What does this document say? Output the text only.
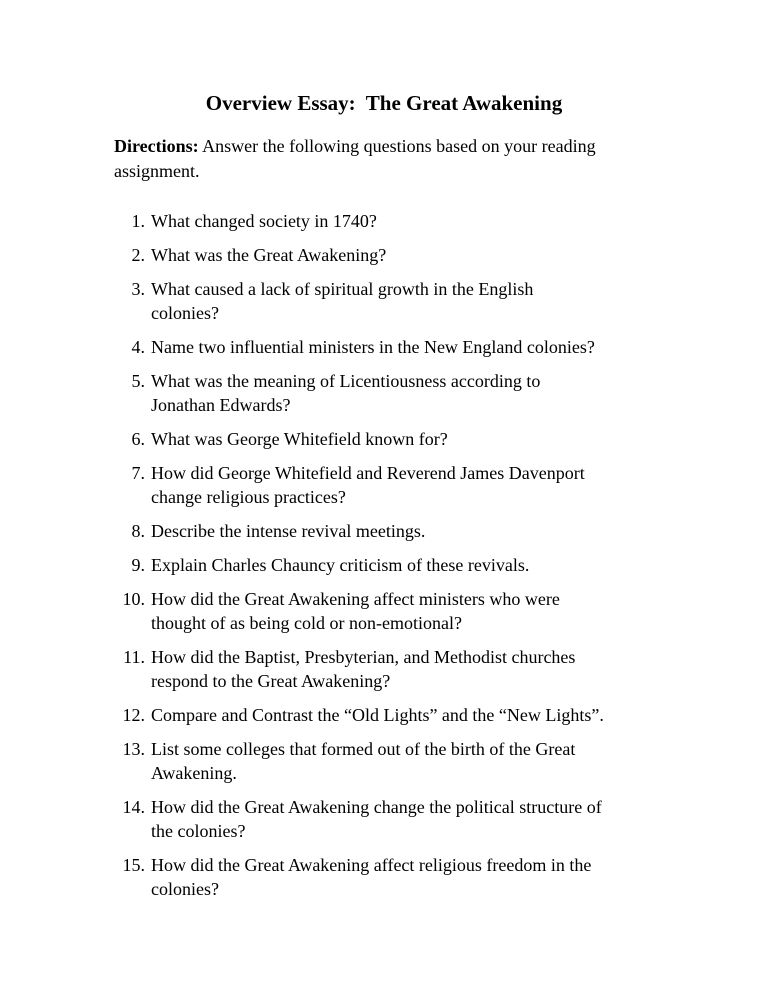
Overview Essay:  The Great Awakening
Directions: Answer the following questions based on your reading assignment.
1. What changed society in 1740?
2. What was the Great Awakening?
3. What caused a lack of spiritual growth in the English
colonies?
4. Name two influential ministers in the New England colonies?
5. What was the meaning of Licentiousness according to
Jonathan Edwards?
6. What was George Whitefield known for?
7. How did George Whitefield and Reverend James Davenport
change religious practices?
8. Describe the intense revival meetings.
9. Explain Charles Chauncy criticism of these revivals.
10. How did the Great Awakening affect ministers who were
thought of as being cold or non-emotional?
11. How did the Baptist, Presbyterian, and Methodist churches
respond to the Great Awakening?
12. Compare and Contrast the “Old Lights” and the “New Lights”.
13. List some colleges that formed out of the birth of the Great
Awakening.
14. How did the Great Awakening change the political structure of
the colonies?
15. How did the Great Awakening affect religious freedom in the
colonies?
